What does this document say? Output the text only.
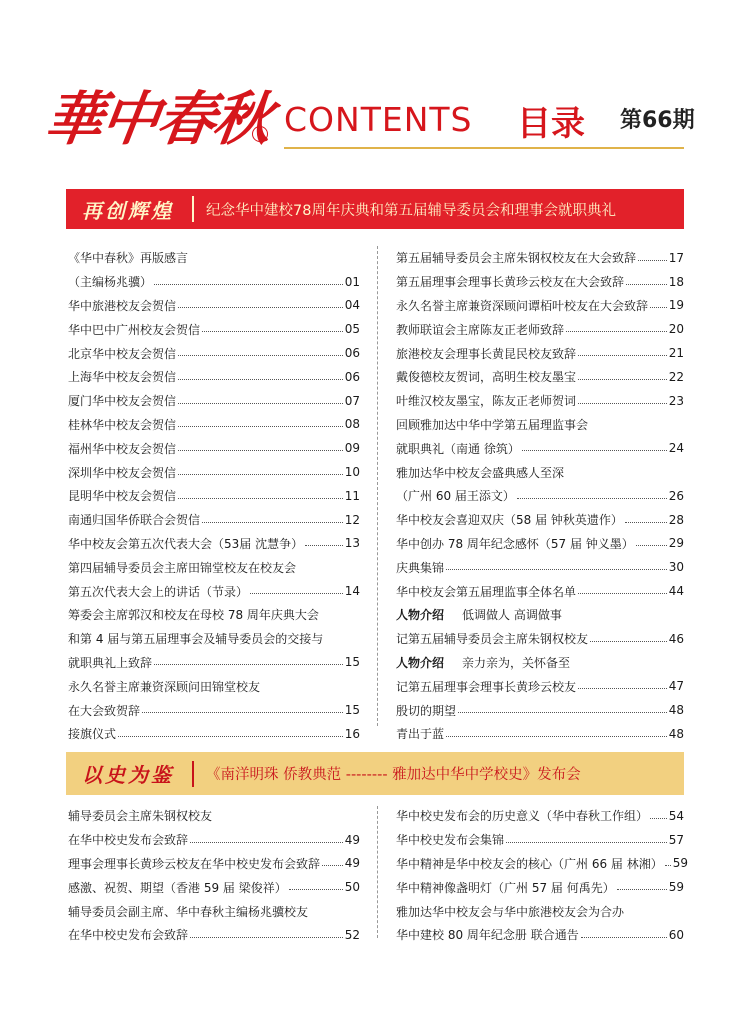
華中春秋 CONTENTS 目录 第66期
再创辉煌	纪念华中建校78周年庆典和第五届辅导委员会和理事会就职典礼
《华中春秋》再版感言
（主编杨兆骥）	01
华中旅港校友会贺信	04
华中巴中广州校友会贺信	05
北京华中校友会贺信	06
上海华中校友会贺信	06
厦门华中校友会贺信	07
桂林华中校友会贺信	08
福州华中校友会贺信	09
深圳华中校友会贺信	10
昆明华中校友会贺信	11
南通归国华侨联合会贺信	12
华中校友会第五次代表大会（53届 沈慧争）	13
第四届辅导委员会主席田锦堂校友在校友会
第五次代表大会上的讲话（节录）	14
筹委会主席郭汉和校友在母校 78 周年庆典大会
和第 4 届与第五届理事会及辅导委员会的交接与
就职典礼上致辞	15
永久名誉主席兼资深顾问田锦堂校友
在大会致贺辞	15
接旗仪式	16
第五届辅导委员会主席朱钢权校友在大会致辞	17
第五届理事会理事长黄珍云校友在大会致辞	18
永久名誉主席兼资深顾问谭栢叶校友在大会致辞 19
教师联谊会主席陈友正老师致辞	20
旅港校友会理事长黄昆民校友致辞	21
戴俊德校友贺词，高明生校友墨宝	22
叶维汉校友墨宝，陈友正老师贺词	23
回顾雅加达中华中学第五届理监事会
就职典礼（南通 徐筑）	24
雅加达华中校友会盛典感人至深
（广州 60 届王添文）	26
华中校友会喜迎双庆（58 届 钟秋英遗作）	28
华中创办 78 周年纪念感怀（57 届 钟义墨）	29
庆典集锦	30
华中校友会第五届理监事全体名单	44
人物介绍 低调做人 高调做事
记第五届辅导委员会主席朱钢权校友	46
人物介绍 亲力亲为，关怀备至
记第五届理事会理事长黄珍云校友	47
殷切的期望	48
青出于蓝	48
以史为鉴	《南洋明珠 侨教典范 -------- 雅加达中华中学校史》发布会
辅导委员会主席朱钢权校友
在华中校史发布会致辞	49
理事会理事长黄珍云校友在华中校史发布会致辞 49
感激、祝贺、期望（香港 59 届 梁俊祥）	50
辅导委员会副主席、华中春秋主编杨兆骥校友
在华中校史发布会致辞	52
华中校史发布会的历史意义（华中春秋工作组） 54
华中校史发布会集锦	57
华中精神是华中校友会的核心（广州 66 届 林湘） 59
华中精神像盏明灯（广州 57 届 何禹先）	59
雅加达华中校友会与华中旅港校友会为合办
华中建校 80 周年纪念册 联合通告	60
